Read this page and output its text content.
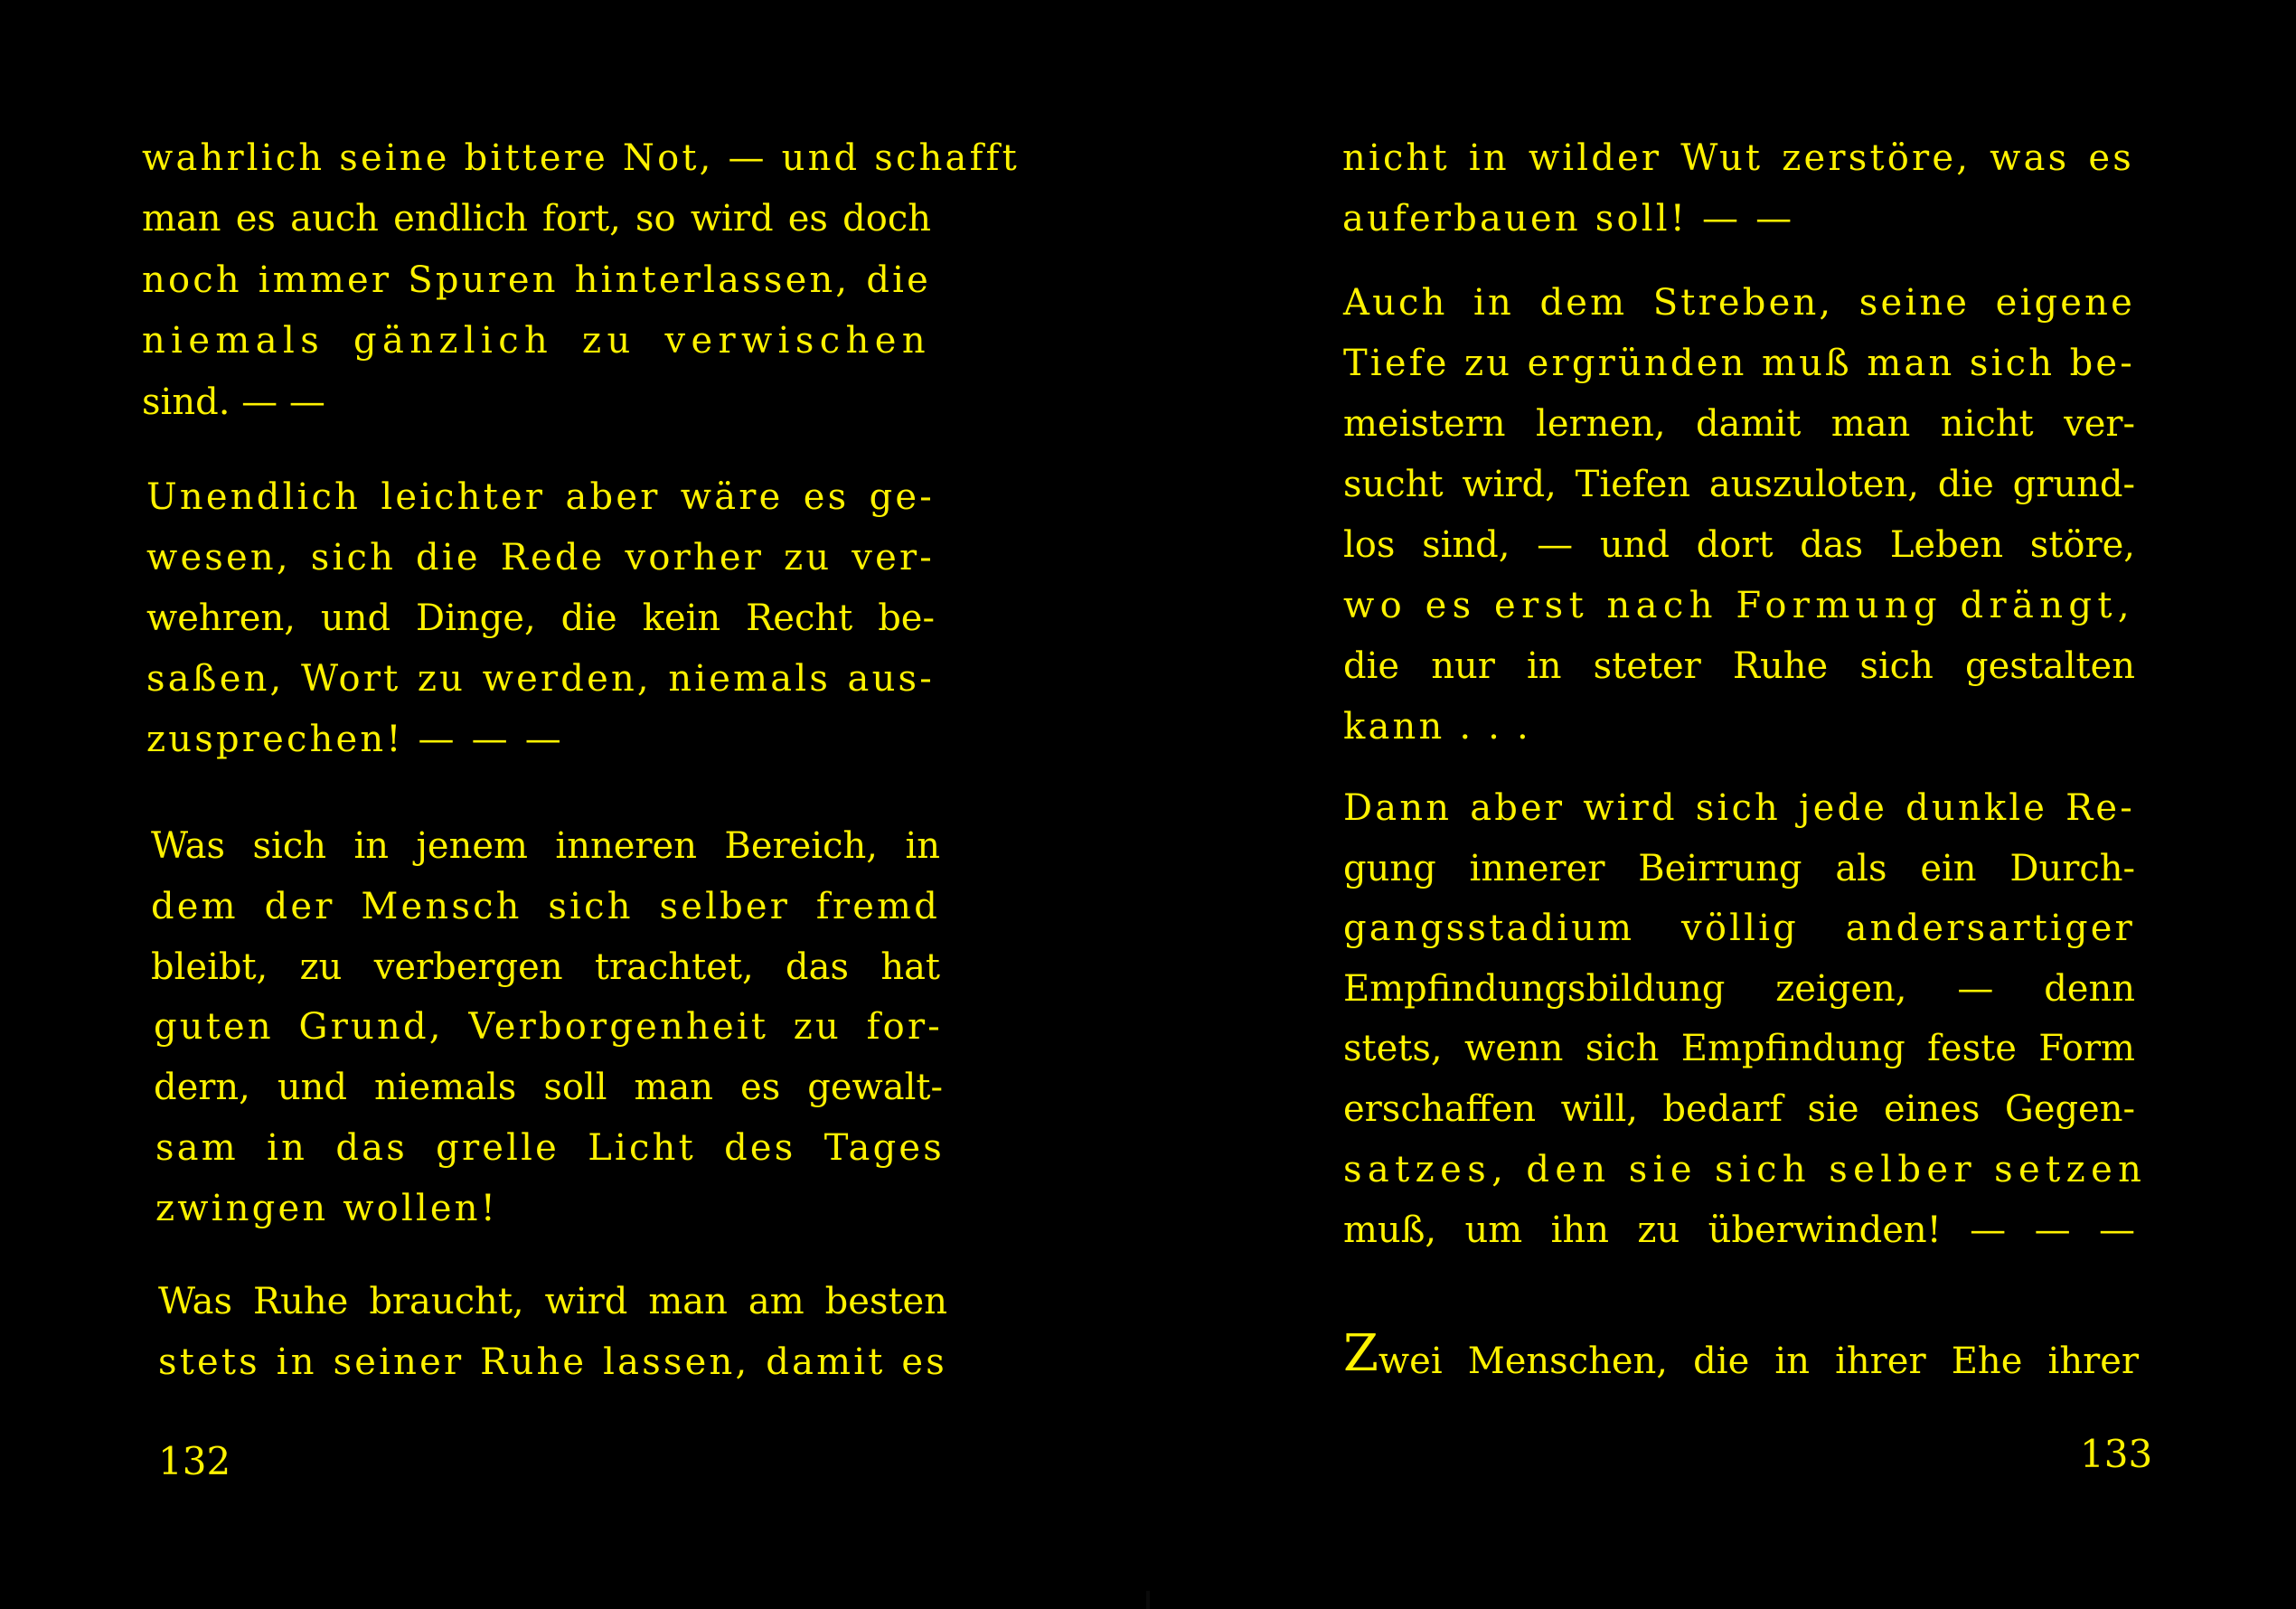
wahrlich seine bittere Not, — und schafft
man es auch endlich fort, so wird es doch
noch immer Spuren hinterlassen, die
niemals gänzlich zu verwischen
sind. — —
Unendlich leichter aber wäre es ge-
wesen, sich die Rede vorher zu ver-
wehren, und Dinge, die kein Recht be-
saßen, Wort zu werden, niemals aus-
zusprechen! — — —
Was sich in jenem inneren Bereich, in
dem der Mensch sich selber fremd
bleibt, zu verbergen trachtet, das hat
guten Grund, Verborgenheit zu for-
dern, und niemals soll man es gewalt-
sam in das grelle Licht des Tages
zwingen wollen!
Was Ruhe braucht, wird man am besten
stets in seiner Ruhe lassen, damit es
132
nicht in wilder Wut zerstöre, was es
auferbauen soll! — —
Auch in dem Streben, seine eigene
Tiefe zu ergründen muß man sich be-
meistern lernen, damit man nicht ver-
sucht wird, Tiefen auszuloten, die grund-
los sind, — und dort das Leben störe,
wo es erst nach Formung drängt,
die nur in steter Ruhe sich gestalten
kann . . .
Dann aber wird sich jede dunkle Re-
gung innerer Beirrung als ein Durch-
gangsstadium völlig andersartiger
Empfindungsbildung zeigen, — denn
stets, wenn sich Empfindung feste Form
erschaffen will, bedarf sie eines Gegen-
satzes, den sie sich selber setzen
muß, um ihn zu überwinden! — — —
Z wei Menschen, die in ihrer Ehe ihrer
133
